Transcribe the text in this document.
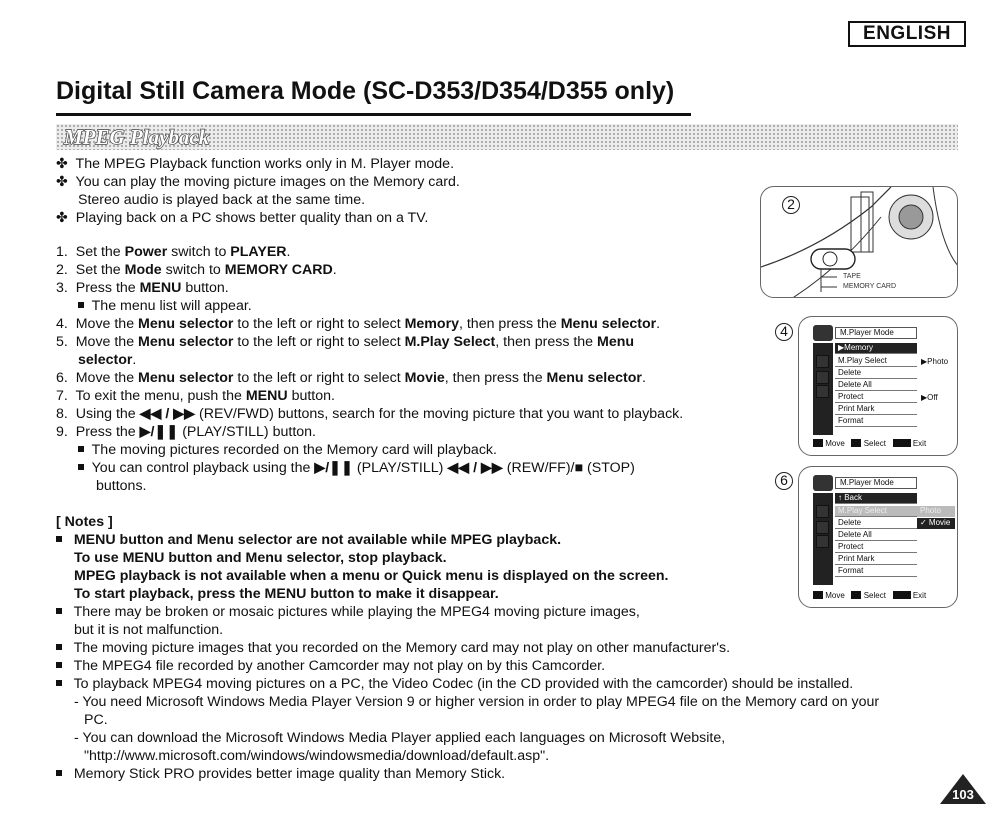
ENGLISH
Digital Still Camera Mode (SC-D353/D354/D355 only)
MPEG Playback
✤ The MPEG Playback function works only in M. Player mode.
✤ You can play the moving picture images on the Memory card.
Stereo audio is played back at the same time.
✤ Playing back on a PC shows better quality than on a TV.
1. Set the Power switch to PLAYER.
2. Set the Mode switch to MEMORY CARD.
3. Press the MENU button.
The menu list will appear.
4. Move the Menu selector to the left or right to select Memory, then press the Menu selector.
5. Move the Menu selector to the left or right to select M.Play Select, then press the Menu
selector.
6. Move the Menu selector to the left or right to select Movie, then press the Menu selector.
7. To exit the menu, push the MENU button.
8. Using the ◀◀ / ▶▶ (REV/FWD) buttons, search for the moving picture that you want to playback.
9. Press the ▶/❚❚ (PLAY/STILL) button.
The moving pictures recorded on the Memory card will playback.
You can control playback using the ▶/❚❚ (PLAY/STILL) ◀◀ / ▶▶ (REW/FF)/■ (STOP)
buttons.
[ Notes ]
MENU button and Menu selector are not available while MPEG playback.
To use MENU button and Menu selector, stop playback.
MPEG playback is not available when a menu or Quick menu is displayed on the screen.
To start playback, press the MENU button to make it disappear.
There may be broken or mosaic pictures while playing the MPEG4 moving picture images,
but it is not malfunction.
The moving picture images that you recorded on the Memory card may not play on other manufacturer's.
The MPEG4 file recorded by another Camcorder may not play on by this Camcorder.
To playback MPEG4 moving pictures on a PC, the Video Codec (in the CD provided with the camcorder) should be installed.
- You need Microsoft Windows Media Player Version 9 or higher version in order to play MPEG4 file on the Memory card on your
PC.
- You can download the Microsoft Windows Media Player applied each languages on Microsoft Website,
"http://www.microsoft.com/windows/windowsmedia/download/default.asp".
Memory Stick PRO provides better image quality than Memory Stick.
TAPE
MEMORY CARD
2
4	M.Player Mode
▶Memory
M.Play Select
Delete
Delete All
Protect
Print Mark
Format
▶Photo
▶Off
Move Select	Exit
6	M.Player Mode
↑ Back
M.Play Select
Delete
Delete All
Protect
Print Mark
Format
Photo
✓ Movie
Move Select	Exit
103
